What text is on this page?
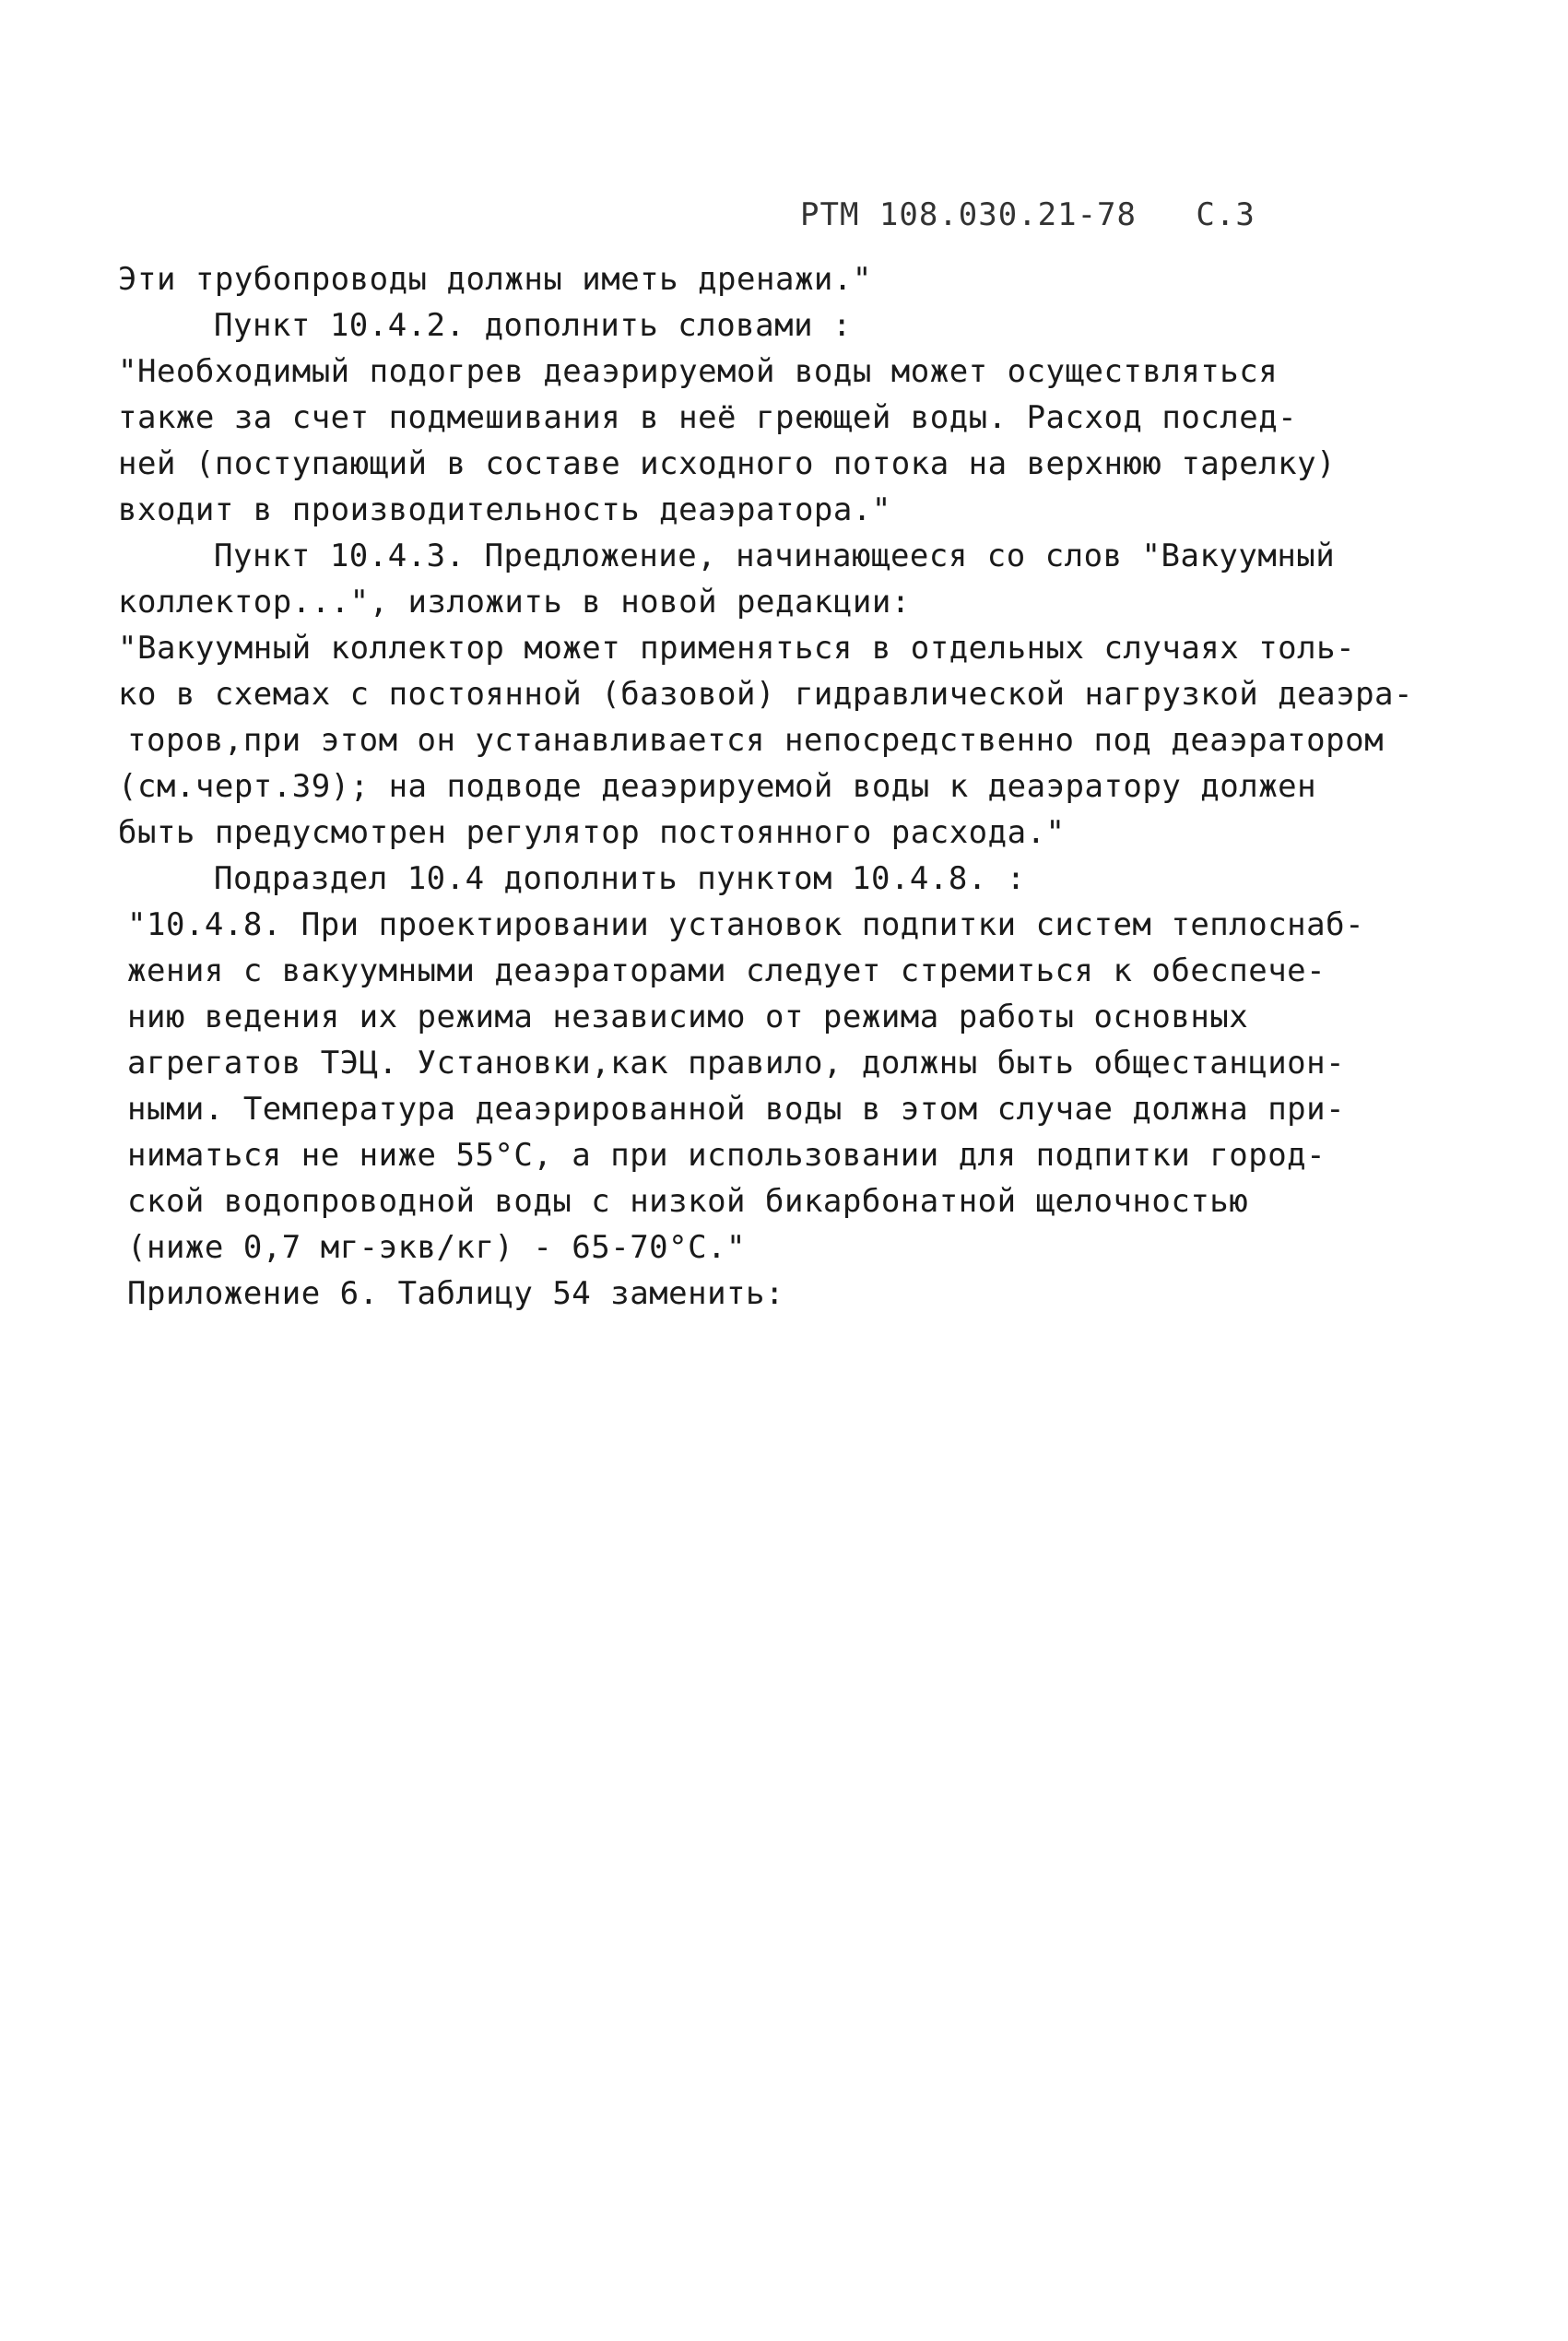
РТМ 108.030.21-78   С.3
Эти трубопроводы должны иметь дренажи."
Пункт 10.4.2. дополнить словами :
"Необходимый подогрев деаэрируемой воды может осуществляться
также за счет подмешивания в неё греющей воды. Расход послед-
ней (поступающий в составе исходного потока на верхнюю тарелку)
входит в производительность деаэратора."
Пункт 10.4.3. Предложение, начинающееся со слов "Вакуумный
коллектор...", изложить в новой редакции:
"Вакуумный коллектор может применяться в отдельных случаях толь-
ко в схемах с постоянной (базовой) гидравлической нагрузкой деаэра-
торов,при этом он устанавливается непосредственно под деаэратором
(см.черт.39); на подводе деаэрируемой воды к деаэратору должен
быть предусмотрен регулятор постоянного расхода."
Подраздел 10.4 дополнить пунктом 10.4.8. :
"10.4.8. При проектировании установок подпитки систем теплоснаб-
жения с вакуумными деаэраторами следует стремиться к обеспече-
нию ведения их режима независимо от режима работы основных
агрегатов ТЭЦ. Установки,как правило, должны быть общестанцион-
ными. Температура деаэрированной воды в этом случае должна при-
ниматься не ниже 55°С, а при использовании для подпитки город-
ской водопроводной воды с низкой бикарбонатной щелочностью
(ниже 0,7 мг-экв/кг) - 65-70°С."
Приложение 6. Таблицу 54 заменить:
